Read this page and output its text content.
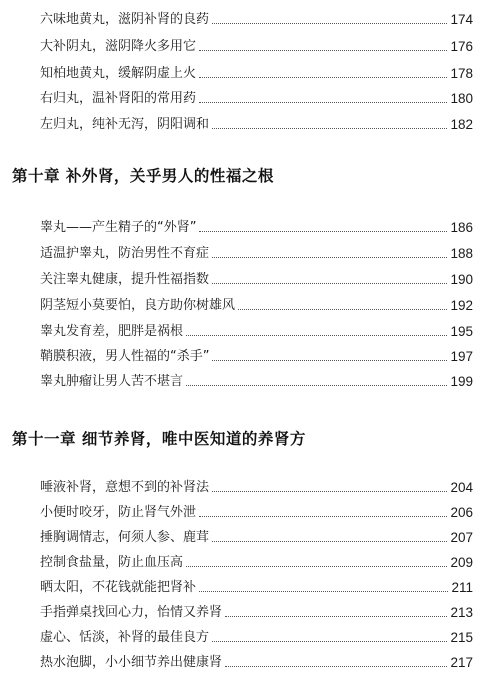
六味地黄丸，滋阴补肾的良药	174
大补阴丸，滋阴降火多用它	176
知柏地黄丸，缓解阴虚上火	178
右归丸，温补肾阳的常用药	180
左归丸，纯补无泻，阴阳调和	182
第十章 补外肾，关乎男人的性福之根
睾丸——产生精子的“外肾”	186
适温护睾丸，防治男性不育症	188
关注睾丸健康，提升性福指数	190
阴茎短小莫要怕，良方助你树雄风	192
睾丸发育差，肥胖是祸根	195
鞘膜积液，男人性福的“杀手”	197
睾丸肿瘤让男人苦不堪言	199
第十一章 细节养肾，唯中医知道的养肾方
唾液补肾，意想不到的补肾法	204
小便时咬牙，防止肾气外泄	206
捶胸调情志，何须人参、鹿茸	207
控制食盐量，防止血压高	209
晒太阳，不花钱就能把肾补	211
手指弹桌找回心力，怡情又养肾	213
虚心、恬淡，补肾的最佳良方	215
热水泡脚，小小细节养出健康肾	217
